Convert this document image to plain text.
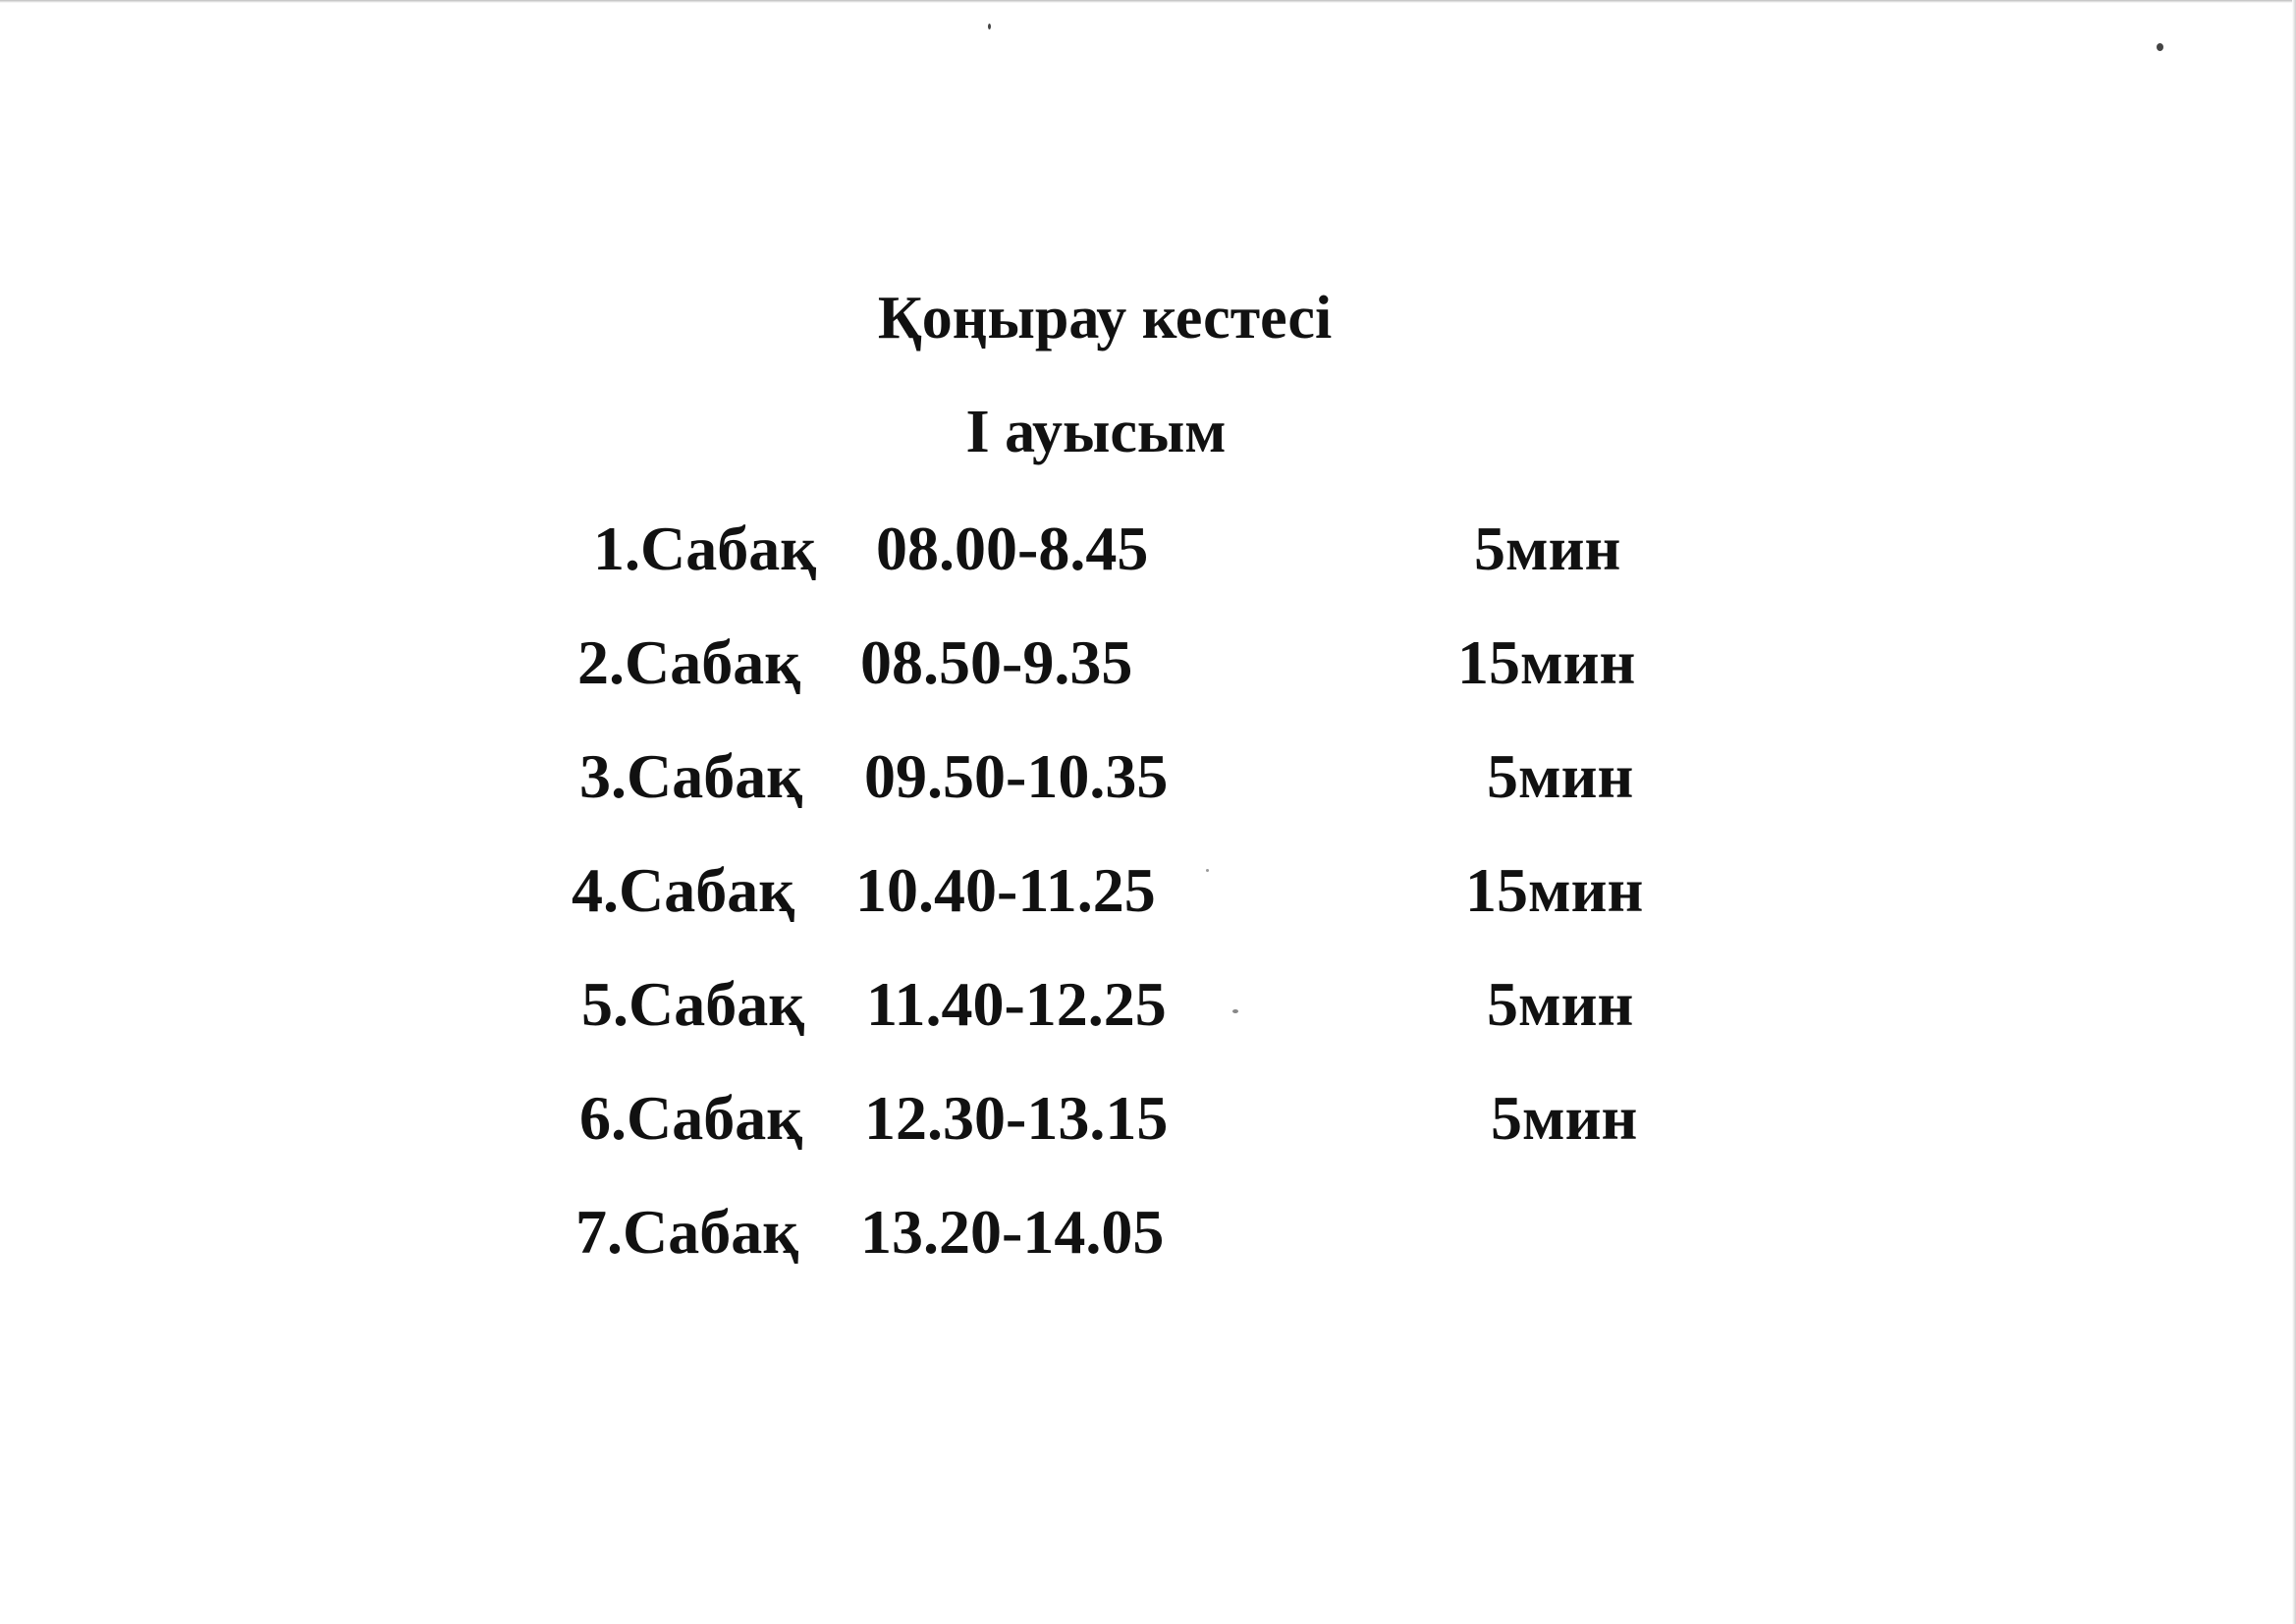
Қоңырау кестесі
І ауысым
1.Сабақ 08.00-8.45	5мин
2.Сабақ 08.50-9.35	15мин
3.Сабақ 09.50-10.35	5мин
4.Сабақ 10.40-11.25	15мин
5.Сабақ 11.40-12.25	5мин
6.Сабақ 12.30-13.15	5мин
7.Сабақ 13.20-14.05
